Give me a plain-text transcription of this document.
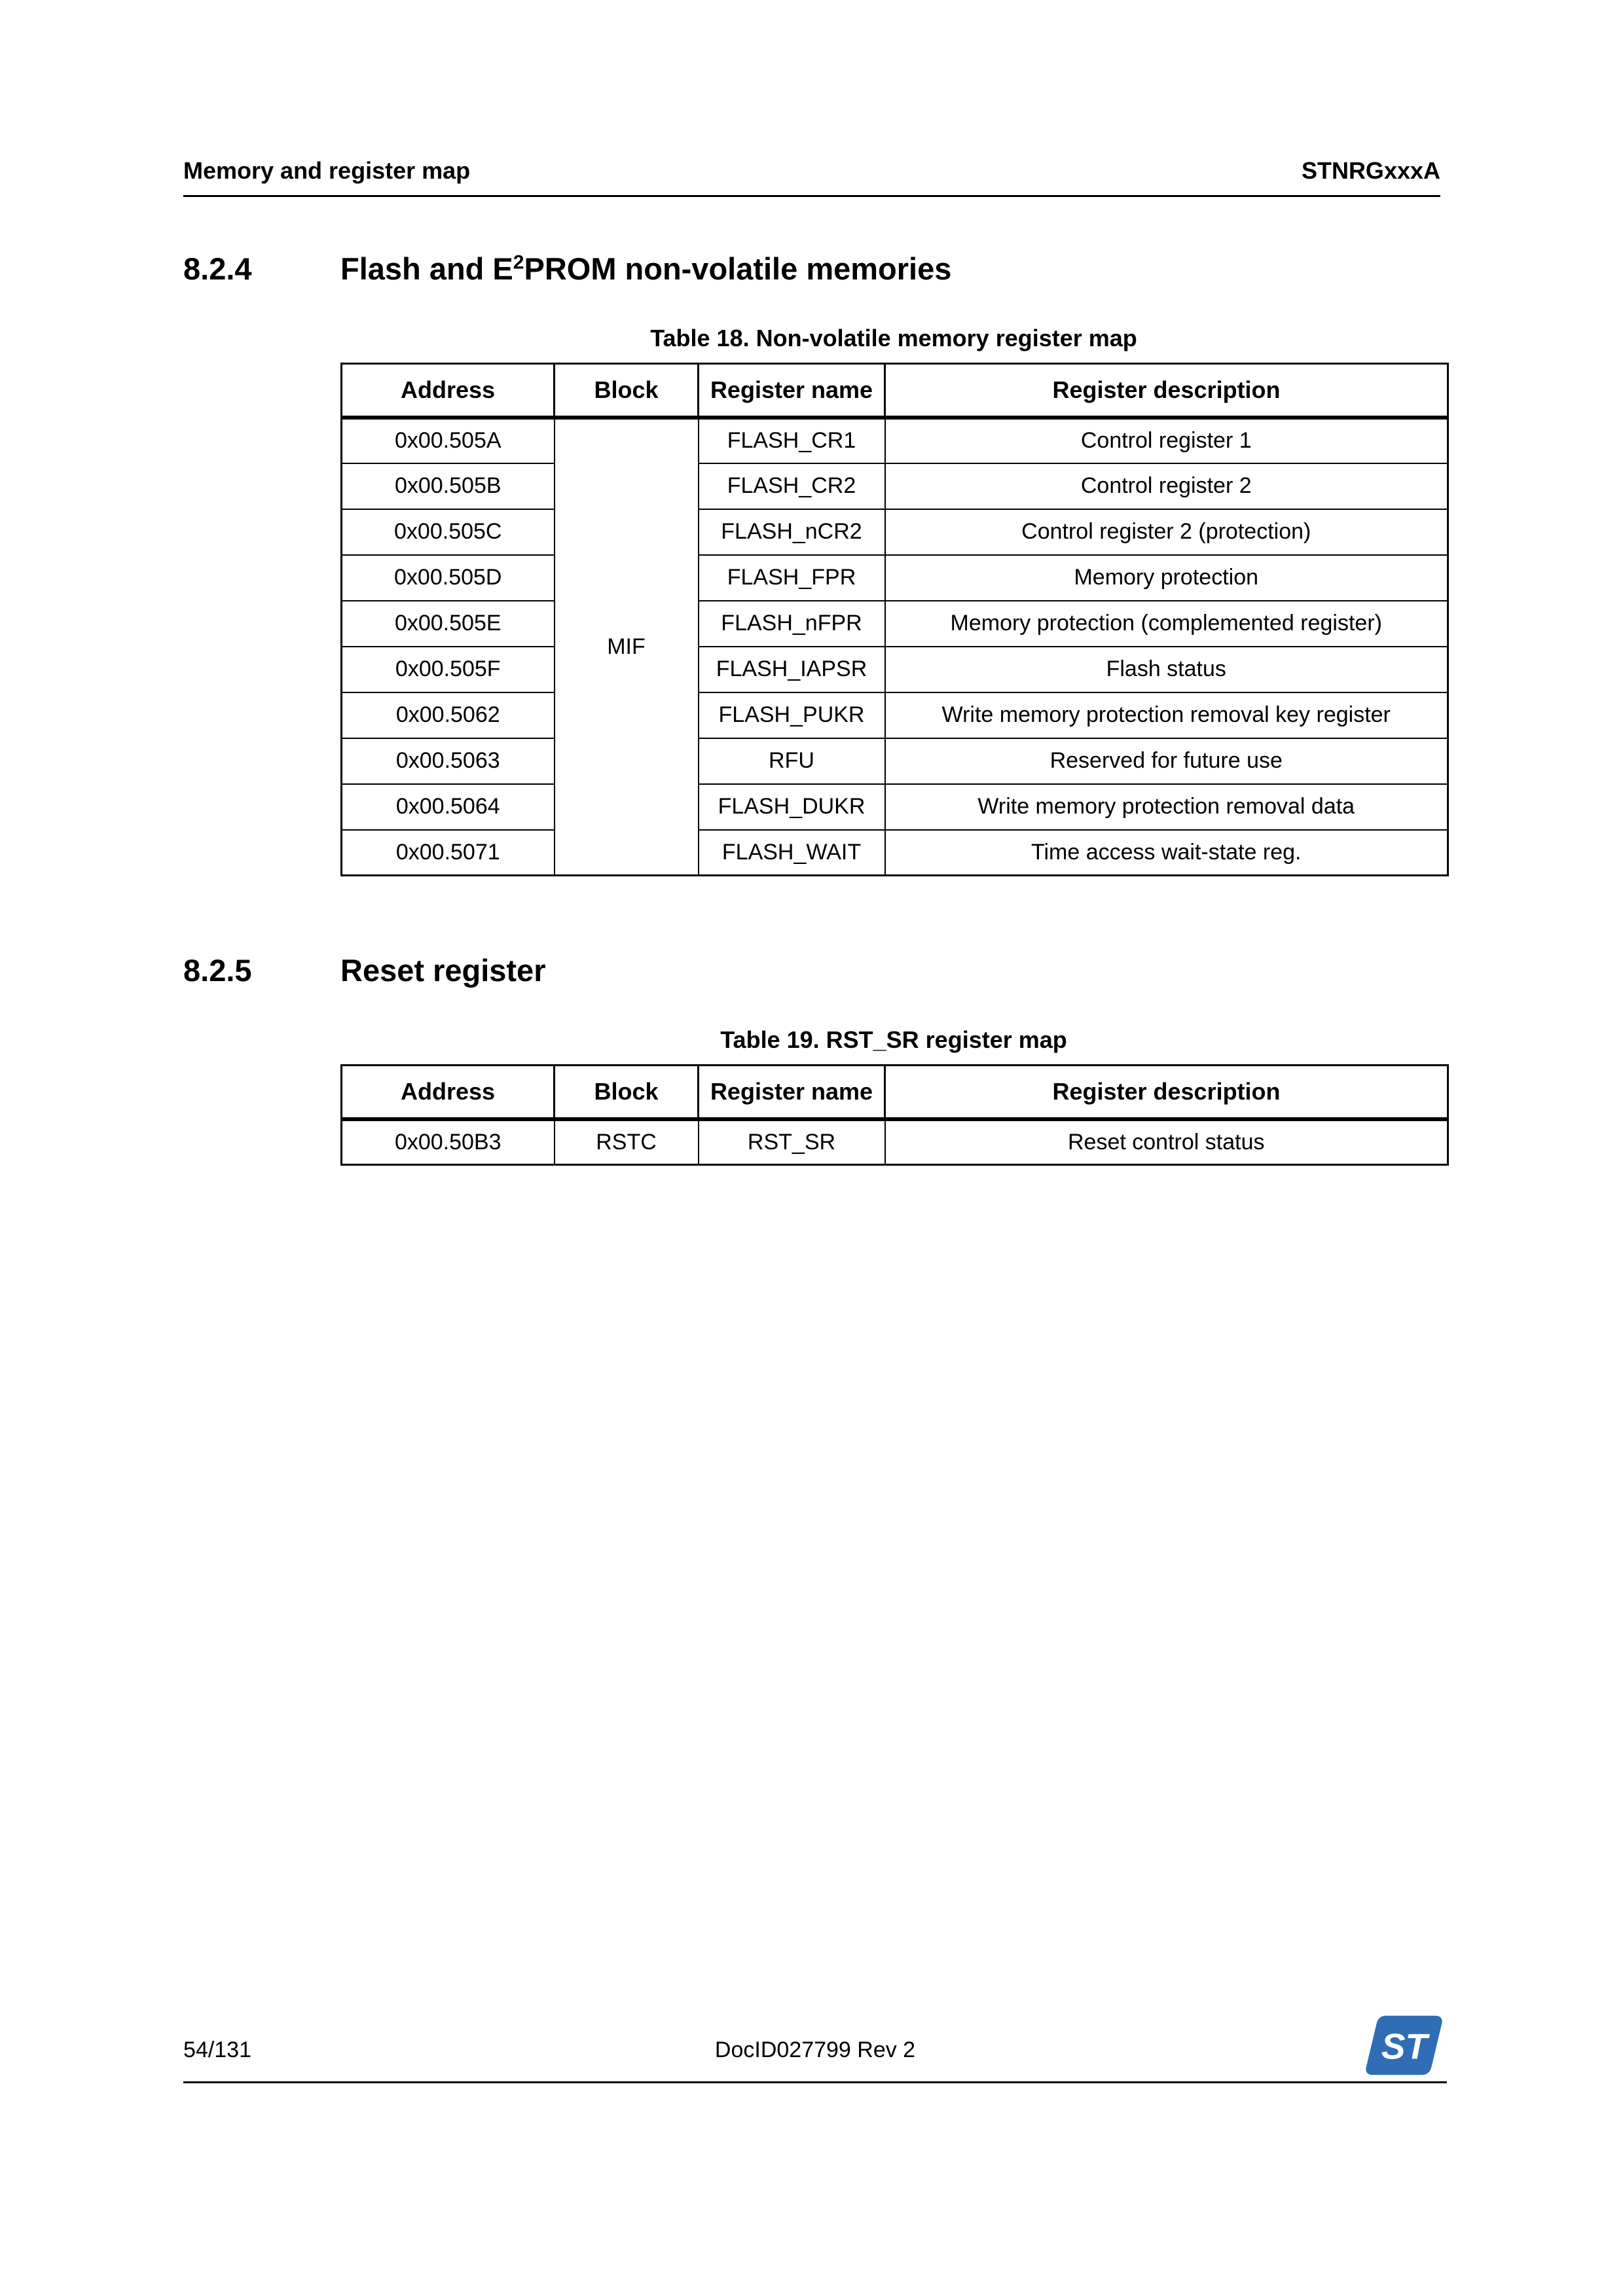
Memory and register map	STNRGxxxA
8.2.4	Flash and $E^2PROM$ non-volatile memories
Table 18. Non-volatile memory register map
Address	Block	Register name	Register description
0x00.505A	MIF	FLASH_CR1	Control register 1
0x00.505B		FLASH_CR2	Control register 2
0x00.505C		FLASH_nCR2	Control register 2 (protection)
0x00.505D		FLASH_FPR	Memory protection
0x00.505E		FLASH_nFPR	Memory protection (complemented register)
0x00.505F		FLASH_IAPSR	Flash status
0x00.5062		FLASH_PUKR	Write memory protection removal key register
0x00.5063		RFU	Reserved for future use
0x00.5064		FLASH_DUKR	Write memory protection removal data
0x00.5071		FLASH_WAIT	Time access wait-state reg.
8.2.5	Reset register
Table 19. RST_SR register map
Address	Block	Register name	Register description
0x00.50B3	RSTC	RST_SR	Reset control status
54/131	DocID027799 Rev 2	ST
